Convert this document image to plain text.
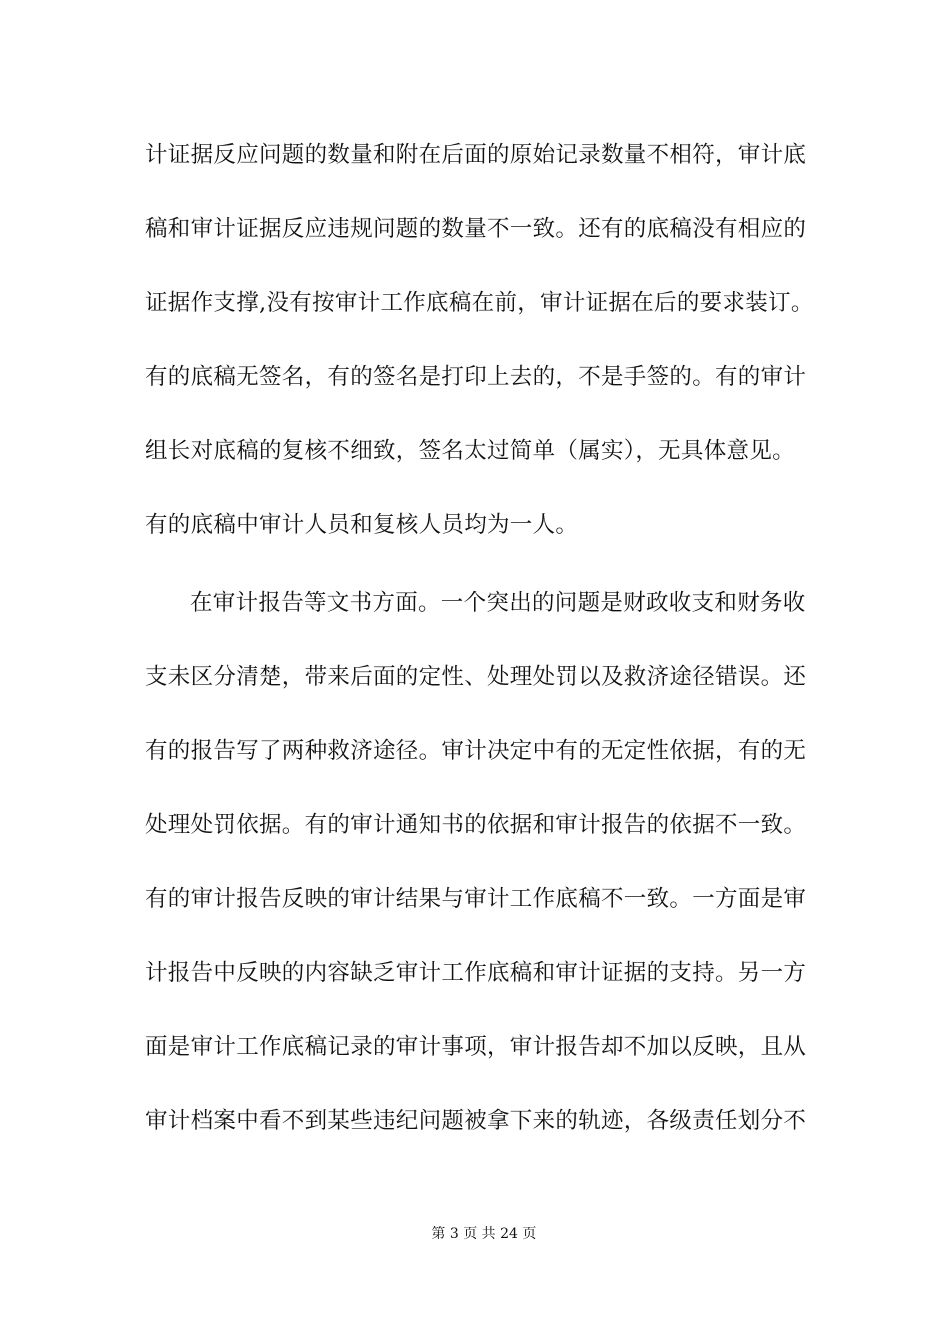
计证据反应问题的数量和附在后面的原始记录数量不相符，审计底
稿和审计证据反应违规问题的数量不一致。还有的底稿没有相应的
证据作支撑,没有按审计工作底稿在前，审计证据在后的要求装订。
有的底稿无签名，有的签名是打印上去的，不是手签的。有的审计
组长对底稿的复核不细致，签名太过简单（属实），无具体意见。
有的底稿中审计人员和复核人员均为一人。
在审计报告等文书方面。一个突出的问题是财政收支和财务收
支未区分清楚，带来后面的定性、处理处罚以及救济途径错误。还
有的报告写了两种救济途径。审计决定中有的无定性依据，有的无
处理处罚依据。有的审计通知书的依据和审计报告的依据不一致。
有的审计报告反映的审计结果与审计工作底稿不一致。一方面是审
计报告中反映的内容缺乏审计工作底稿和审计证据的支持。另一方
面是审计工作底稿记录的审计事项，审计报告却不加以反映，且从
审计档案中看不到某些违纪问题被拿下来的轨迹，各级责任划分不

第 3 页 共 24 页
